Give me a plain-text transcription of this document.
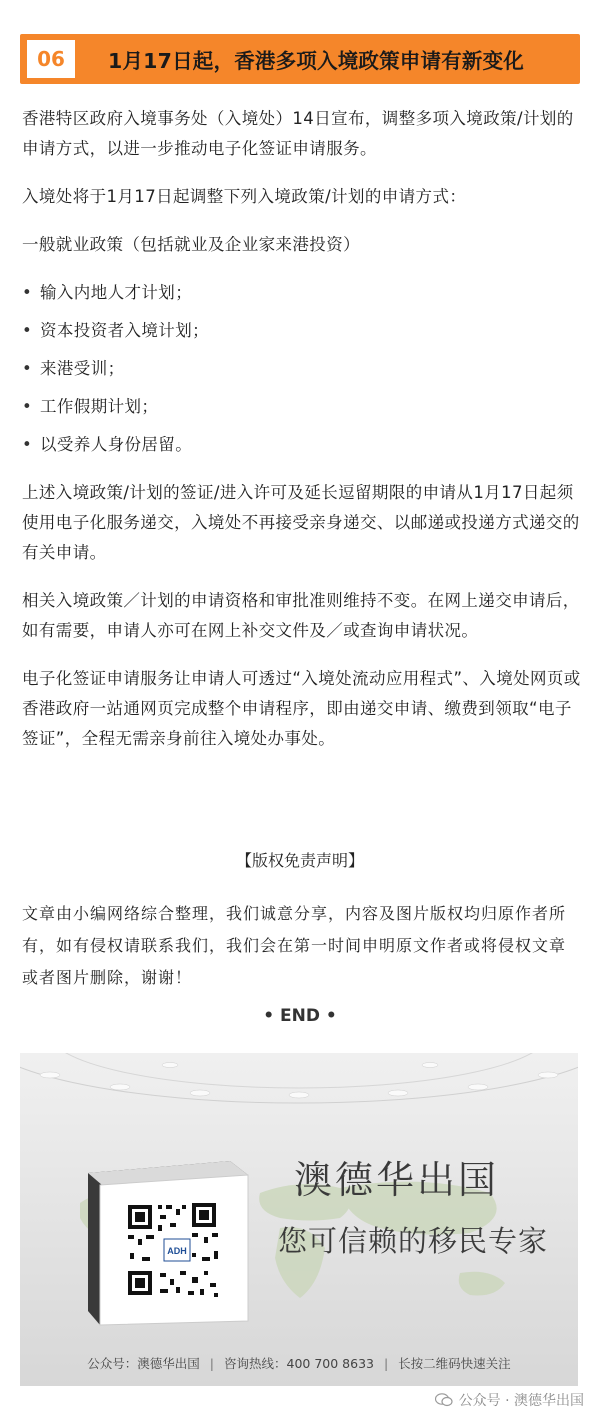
06	1月17日起，香港多项入境政策申请有新变化

香港特区政府入境事务处（入境处）14日宣布，调整多项入境政策/计划的申请方式，以进一步推动电子化签证申请服务。

入境处将于1月17日起调整下列入境政策/计划的申请方式：

一般就业政策（包括就业及企业家来港投资）

• 输入内地人才计划；
• 资本投资者入境计划；
• 来港受训；
• 工作假期计划；
• 以受养人身份居留。

上述入境政策/计划的签证/进入许可及延长逗留期限的申请从1月17日起须使用电子化服务递交，入境处不再接受亲身递交、以邮递或投递方式递交的有关申请。

相关入境政策／计划的申请资格和审批准则维持不变。在网上递交申请后，如有需要，申请人亦可在网上补交文件及／或查询申请状况。

电子化签证申请服务让申请人可透过“入境处流动应用程式”、入境处网页或香港政府一站通网页完成整个申请程序，即由递交申请、缴费到领取“电子签证”，全程无需亲身前往入境处办事处。

【版权免责声明】
文章由小编网络综合整理，我们诚意分享，内容及图片版权均归原作者所有，如有侵权请联系我们，我们会在第一时间申明原文作者或将侵权文章或者图片删除，谢谢！
• END •
ADH
澳德华出国
您可信赖的移民专家
公众号：澳德华出国 | 咨询热线：400 700 8633 | 长按二维码快速关注
公众号 · 澳德华出国
